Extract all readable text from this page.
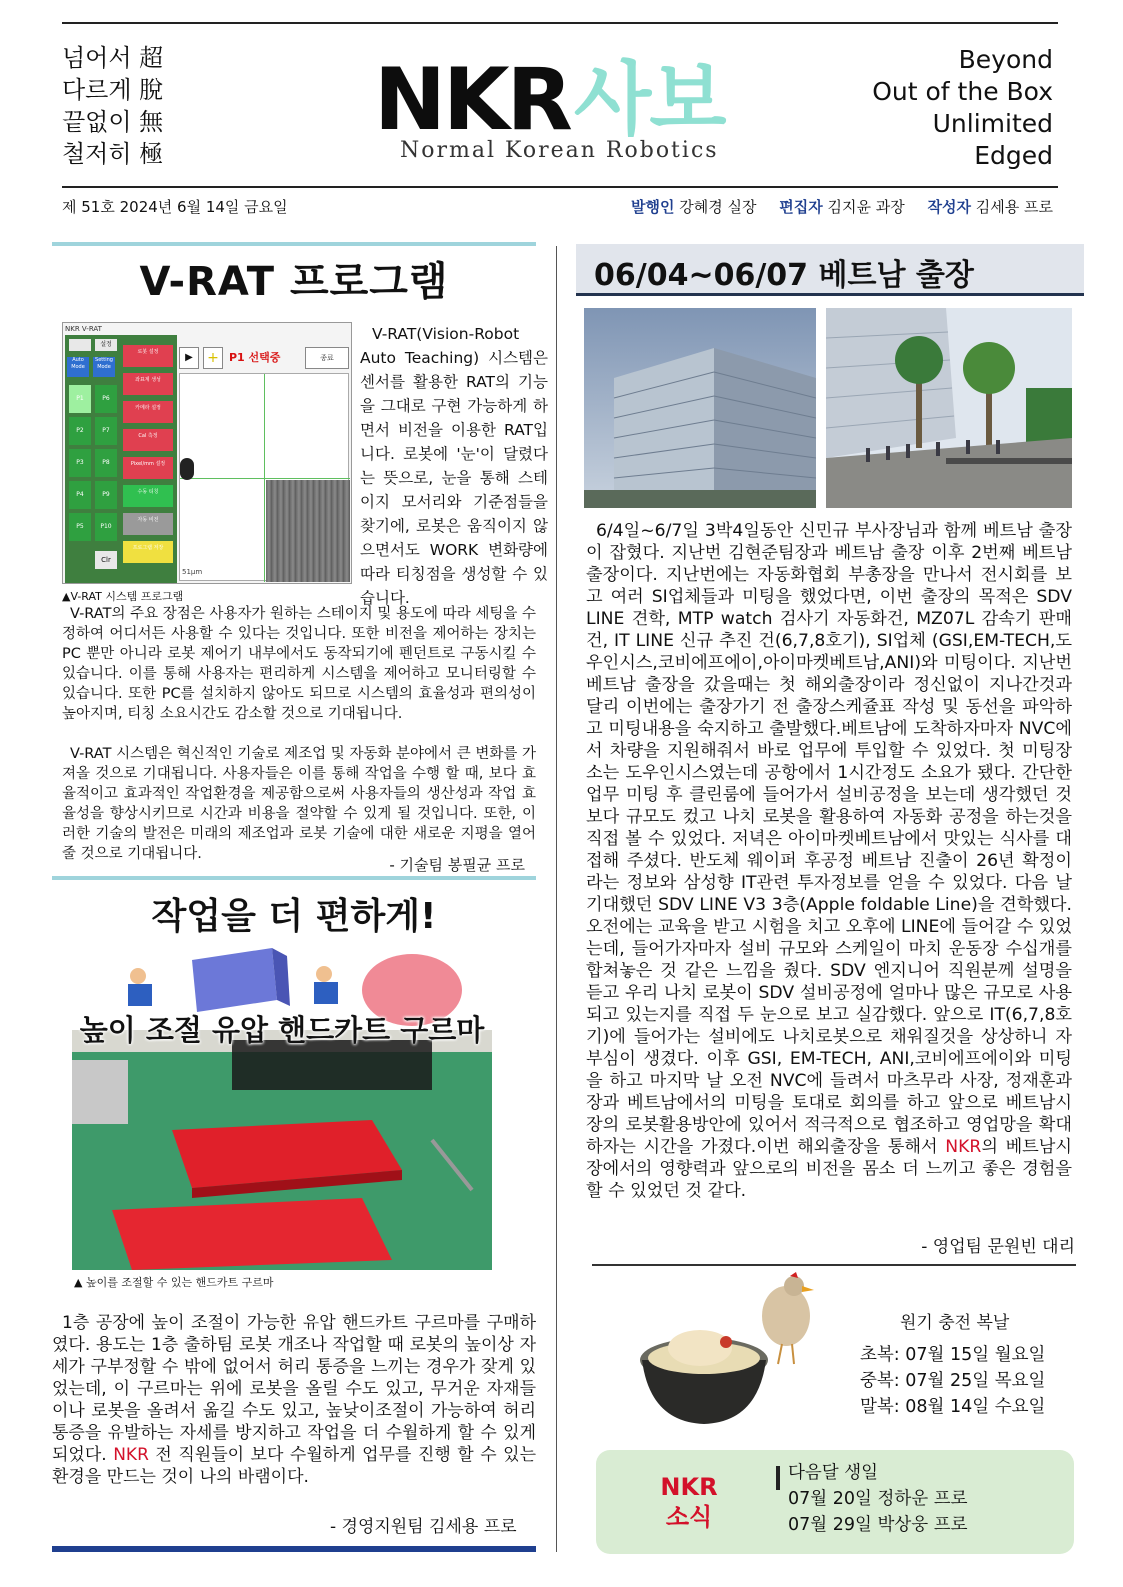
넘어서 超
다르게 脫
끝없이 無
철저히 極
NKR 사보
Normal Korean Robotics
Beyond
Out of the Box
Unlimited
Edged
제 51호 2024년 6월 14일 금요일	발행인 강혜경 실장 편집자 김지윤 과장 작성자 김세용 프로
V-RAT 프로그램
NKR V-RAT
설정
Auto Mode
Setting Mode
P1	P6
P2	P7
P3	P8
P4	P9
P5	P10
Clr
로봇 설정
좌표계 생성
카메라 설정
Cal 측정
Pixel/mm 설정
수동 티칭
자동 비전
프로그램 저장
▶	+ P1 선택중	종료
51μm
▲V-RAT 시스템 프로그램
V-RAT(Vision-Robot Auto Teaching) 시스템은 센서를 활용한 RAT의 기능을 그대로 구현 가능하게 하면서 비전을 이용한 RAT입니다. 로봇에 '눈'이 달렸다는 뜻으로, 눈을 통해 스테이지 모서리와 기준점들을 찾기에, 로봇은 움직이지 않으면서도 WORK 변화량에 따라 티칭점을 생성할 수 있습니다.
V-RAT의 주요 장점은 사용자가 원하는 스테이지 및 용도에 따라 세팅을 수정하여 어디서든 사용할 수 있다는 것입니다. 또한 비전을 제어하는 장치는 PC 뿐만 아니라 로봇 제어기 내부에서도 동작되기에 펜던트로 구동시킬 수 있습니다. 이를 통해 사용자는 편리하게 시스템을 제어하고 모니터링할 수 있습니다. 또한 PC를 설치하지 않아도 되므로 시스템의 효율성과 편의성이 높아지며, 티칭 소요시간도 감소할 것으로 기대됩니다.
V-RAT 시스템은 혁신적인 기술로 제조업 및 자동화 분야에서 큰 변화를 가져올 것으로 기대됩니다. 사용자들은 이를 통해 작업을 수행 할 때, 보다 효율적이고 효과적인 작업환경을 제공함으로써 사용자들의 생산성과 작업 효율성을 향상시키므로 시간과 비용을 절약할 수 있게 될 것입니다. 또한, 이러한 기술의 발전은 미래의 제조업과 로봇 기술에 대한 새로운 지평을 열어줄 것으로 기대됩니다.
- 기술팀 봉필균 프로
작업을 더 편하게!
높이 조절 유압 핸드카트 구르마
▲ 높이를 조절할 수 있는 핸드카트 구르마
1층 공장에 높이 조절이 가능한 유압 핸드카트 구르마를 구매하였다. 용도는 1층 출하팀 로봇 개조나 작업할 때 로봇의 높이상 자세가 구부정할 수 밖에 없어서 허리 통증을 느끼는 경우가 잦게 있었는데, 이 구르마는 위에 로봇을 올릴 수도 있고, 무거운 자재들이나 로봇을 올려서 옮길 수도 있고, 높낮이조절이 가능하여 허리 통증을 유발하는 자세를 방지하고 작업을 더 수월하게 할 수 있게 되었다. NKR 전 직원들이 보다 수월하게 업무를 진행 할 수 있는 환경을 만드는 것이 나의 바램이다.
- 경영지원팀 김세용 프로
06/04~06/07 베트남 출장
6/4일~6/7일 3박4일동안 신민규 부사장님과 함께 베트남 출장이 잡혔다. 지난번 김현준팀장과 베트남 출장 이후 2번째 베트남 출장이다. 지난번에는 자동화협회 부총장을 만나서 전시회를 보고 여러 SI업체들과 미팅을 했었다면, 이번 출장의 목적은 SDV LINE 견학, MTP watch 검사기 자동화건, MZ07L 감속기 판매 건, IT LINE 신규 추진 건(6,7,8호기), SI업체 (GSI,EM-TECH,도우인시스,코비에프에이,아이마켓베트남,ANI)와 미팅이다. 지난번 베트남 출장을 갔을때는 첫 해외출장이라 정신없이 지나간것과 달리 이번에는 출장가기 전 출장스케쥴표 작성 및 동선을 파악하고 미팅내용을 숙지하고 출발했다.베트남에 도착하자마자 NVC에서 차량을 지원해줘서 바로 업무에 투입할 수 있었다. 첫 미팅장소는 도우인시스였는데 공항에서 1시간정도 소요가 됐다. 간단한 업무 미팅 후 클린룸에 들어가서 설비공정을 보는데 생각했던 것 보다 규모도 컸고 나치 로봇을 활용하여 자동화 공정을 하는것을 직접 볼 수 있었다. 저녁은 아이마켓베트남에서 맛있는 식사를 대접해 주셨다. 반도체 웨이퍼 후공정 베트남 진출이 26년 확정이라는 정보와 삼성향 IT관련 투자정보를 얻을 수 있었다. 다음 날 기대했던 SDV LINE V3 3층(Apple foldable Line)을 견학했다. 오전에는 교육을 받고 시험을 치고 오후에 LINE에 들어갈 수 있었는데, 들어가자마자 설비 규모와 스케일이 마치 운동장 수십개를 합쳐놓은 것 같은 느낌을 줬다. SDV 엔지니어 직원분께 설명을 듣고 우리 나치 로봇이 SDV 설비공정에 얼마나 많은 규모로 사용되고 있는지를 직접 두 눈으로 보고 실감했다. 앞으로 IT(6,7,8호기)에 들어가는 설비에도 나치로봇으로 채워질것을 상상하니 자부심이 생겼다. 이후 GSI, EM-TECH, ANI,코비에프에이와 미팅을 하고 마지막 날 오전 NVC에 들려서 마츠무라 사장, 정재훈과장과 베트남에서의 미팅을 토대로 회의를 하고 앞으로 베트남시장의 로봇활용방안에 있어서 적극적으로 협조하고 영업망을 확대하자는 시간을 가졌다.이번 해외출장을 통해서 NKR의 베트남시장에서의 영향력과 앞으로의 비전을 몸소 더 느끼고 좋은 경험을 할 수 있었던 것 같다.
- 영업팀 문원빈 대리
원기 충전 복날
초복: 07월 15일 월요일
중복: 07월 25일 목요일
말복: 08월 14일 수요일
NKR
소식
다음달 생일
07월 20일 정하운 프로
07월 29일 박상웅 프로
